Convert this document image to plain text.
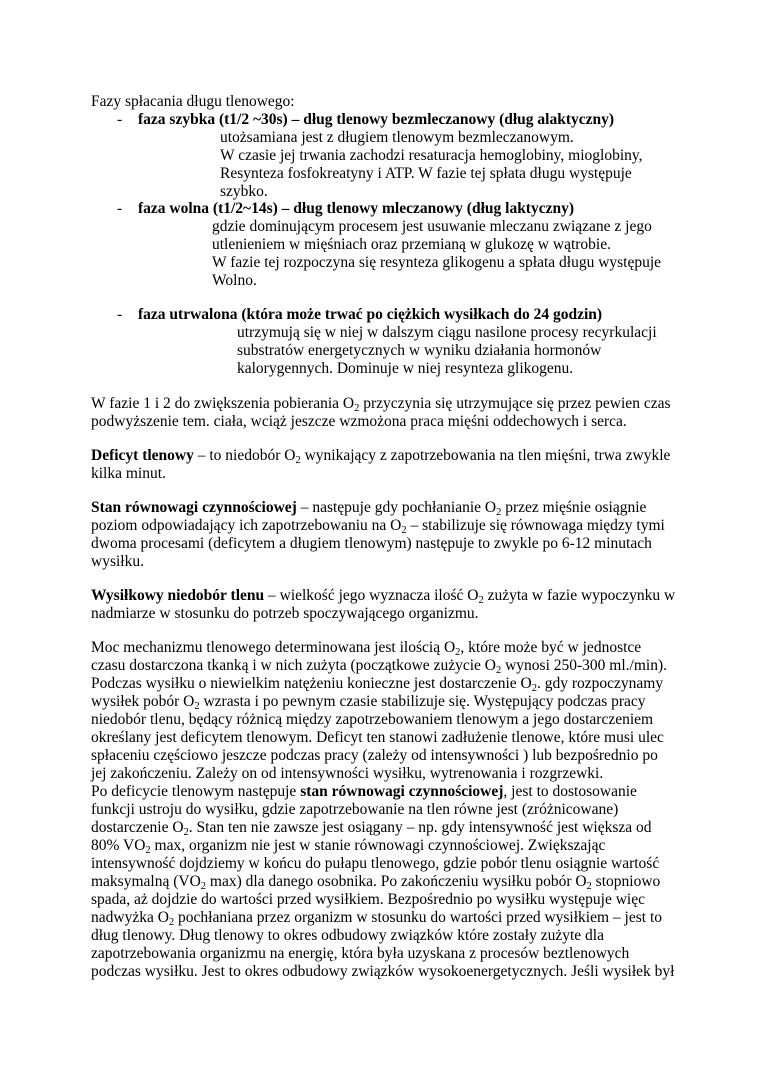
Fazy spłacania długu tlenowego:

- faza szybka (t1/2 ~30s) – dług tlenowy bezmleczanowy (dług alaktyczny)

utożsamiana jest z długiem tlenowym bezmleczanowym.

W czasie jej trwania zachodzi resaturacja hemoglobiny, mioglobiny,

Resynteza fosfokreatyny i ATP. W fazie tej spłata długu występuje

szybko.

- faza wolna (t1/2~14s) – dług tlenowy mleczanowy (dług laktyczny)

gdzie dominującym procesem jest usuwanie mleczanu związane z jego

utlenieniem w mięśniach oraz przemianą w glukozę w wątrobie.

W fazie tej rozpoczyna się resynteza glikogenu a spłata długu występuje

Wolno.

- faza utrwalona (która może trwać po ciężkich wysiłkach do 24 godzin)

utrzymują się w niej w dalszym ciągu nasilone procesy recyrkulacji

substratów energetycznych w wyniku działania hormonów

kalorygennych. Dominuje w niej resynteza glikogenu.

W fazie 1 i 2 do zwiększenia pobierania $O_2$ przyczynia się utrzymujące się przez pewien czas

podwyższenie tem. ciała, wciąż jeszcze wzmożona praca mięśni oddechowych i serca.

Deficyt tlenowy – to niedobór $O_2$ wynikający z zapotrzebowania na tlen mięśni, trwa zwykle

kilka minut.

Stan równowagi czynnościowej – następuje gdy pochłanianie $O_2$ przez mięśnie osiągnie

poziom odpowiadający ich zapotrzebowaniu na $O_2$ – stabilizuje się równowaga między tymi

dwoma procesami (deficytem a długiem tlenowym) następuje to zwykle po 6-12 minutach

wysiłku.

Wysiłkowy niedobór tlenu – wielkość jego wyznacza ilość $O_2$ zużyta w fazie wypoczynku w

nadmiarze w stosunku do potrzeb spoczywającego organizmu.

Moc mechanizmu tlenowego determinowana jest ilością $O_2$, które może być w jednostce

czasu dostarczona tkanką i w nich zużyta (początkowe zużycie $O_2$ wynosi 250-300 ml./min).

Podczas wysiłku o niewielkim natężeniu konieczne jest dostarczenie $O_2$. gdy rozpoczynamy

wysiłek pobór $O_2$ wzrasta i po pewnym czasie stabilizuje się. Występujący podczas pracy

niedobór tlenu, będący różnicą między zapotrzebowaniem tlenowym a jego dostarczeniem

określany jest deficytem tlenowym. Deficyt ten stanowi zadłużenie tlenowe, które musi ulec

spłaceniu częściowo jeszcze podczas pracy (zależy od intensywności ) lub bezpośrednio po

jej zakończeniu. Zależy on od intensywności wysiłku, wytrenowania i rozgrzewki.

Po deficycie tlenowym następuje stan równowagi czynnościowej, jest to dostosowanie

funkcji ustroju do wysiłku, gdzie zapotrzebowanie na tlen równe jest (zróżnicowane)

dostarczenie $O_2$. Stan ten nie zawsze jest osiągany – np. gdy intensywność jest większa od

80% $VO_2$ max, organizm nie jest w stanie równowagi czynnościowej. Zwiększając

intensywność dojdziemy w końcu do pułapu tlenowego, gdzie pobór tlenu osiągnie wartość

maksymalną ($VO_2$ max) dla danego osobnika. Po zakończeniu wysiłku pobór $O_2$ stopniowo

spada, aż dojdzie do wartości przed wysiłkiem. Bezpośrednio po wysiłku występuje więc

nadwyżka $O_2$ pochłaniana przez organizm w stosunku do wartości przed wysiłkiem – jest to

dług tlenowy. Dług tlenowy to okres odbudowy związków które zostały zużyte dla

zapotrzebowania organizmu na energię, która była uzyskana z procesów beztlenowych

podczas wysiłku. Jest to okres odbudowy związków wysokoenergetycznych. Jeśli wysiłek był
